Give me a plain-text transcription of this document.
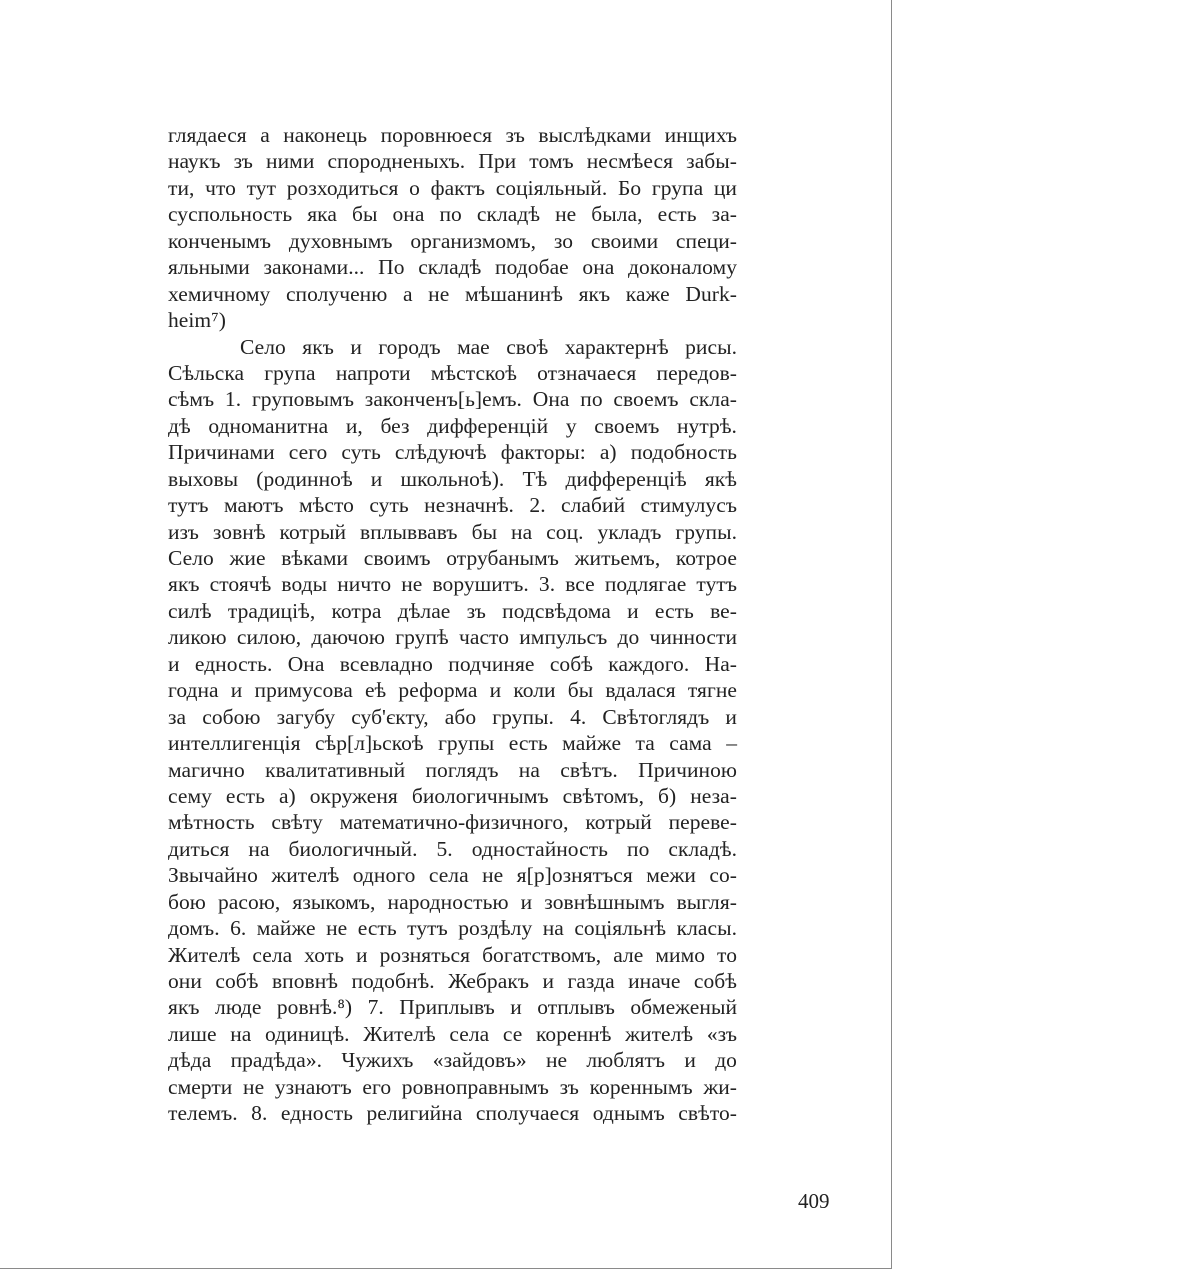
глядаеся а наконець поровнюеся зъ выслѣдками инщихъ
наукъ зъ ними спородненыхъ. При томъ несмѣеся забы-
ти, что тут розходиться о фактъ соціяльный. Бо група ци
суспольность яка бы она по складѣ не была, есть за-
конченымъ духовнымъ организмомъ, зо своими специ-
яльными законами... По складѣ подобае она доконалому
хемичному сполученю а не мѣшанинѣ якъ каже Durk-
heim⁷)
Село якъ и городъ мае своѣ характернѣ рисы.
Сѣльска група напроти мѣстскоѣ отзначаеся передов-
сѣмъ 1. груповымъ законченъ[ь]емъ. Она по своемъ скла-
дѣ одноманитна и, без дифференцій у своемъ нутрѣ.
Причинами сего суть слѣдуючѣ факторы: а) подобность
выховы (родинноѣ и школьноѣ). Тѣ дифференціѣ якѣ
тутъ маютъ мѣсто суть незначнѣ. 2. слабий стимулусъ
изъ зовнѣ котрый вплыввавъ бы на соц. укладъ групы.
Село жие вѣками своимъ отрубанымъ житьемъ, котрое
якъ стоячѣ воды ничто не ворушитъ. 3. все подлягае тутъ
силѣ традиціѣ, котра дѣлае зъ подсвѣдома и есть ве-
ликою силою, даючою групѣ часто импульсъ до чинности
и едность. Она всевладно подчиняе собѣ каждого. На-
годна и примусова еѣ реформа и коли бы вдалася тягне
за собою загубу суб'єкту, або групы. 4. Свѣтоглядъ и
интеллигенція сѣр[л]ьскоѣ групы есть майже та сама –
магично квалитативный поглядъ на свѣтъ. Причиною
сему есть а) окруженя биологичнымъ свѣтомъ, б) неза-
мѣтность свѣту математично-физичного, котрый переве-
диться на биологичный. 5. одностайность по складѣ.
Звычайно жителѣ одного села не я[р]ознятъся межи со-
бою расою, языкомъ, народностью и зовнѣшнымъ выгля-
домъ. 6. майже не есть тутъ роздѣлу на соціяльнѣ класы.
Жителѣ села хоть и розняться богатствомъ, але мимо то
они собѣ вповнѣ подобнѣ. Жебракъ и газда иначе собѣ
якъ люде ровнѣ.⁸) 7. Приплывъ и отплывъ обмеженый
лише на одиницѣ. Жителѣ села се кореннѣ жителѣ «зъ
дѣда прадѣда». Чужихъ «зайдовъ» не люблятъ и до
смерти не узнаютъ его ровноправнымъ зъ кореннымъ жи-
телемъ. 8. едность религийна сполучаеся однымъ свѣто-
409
